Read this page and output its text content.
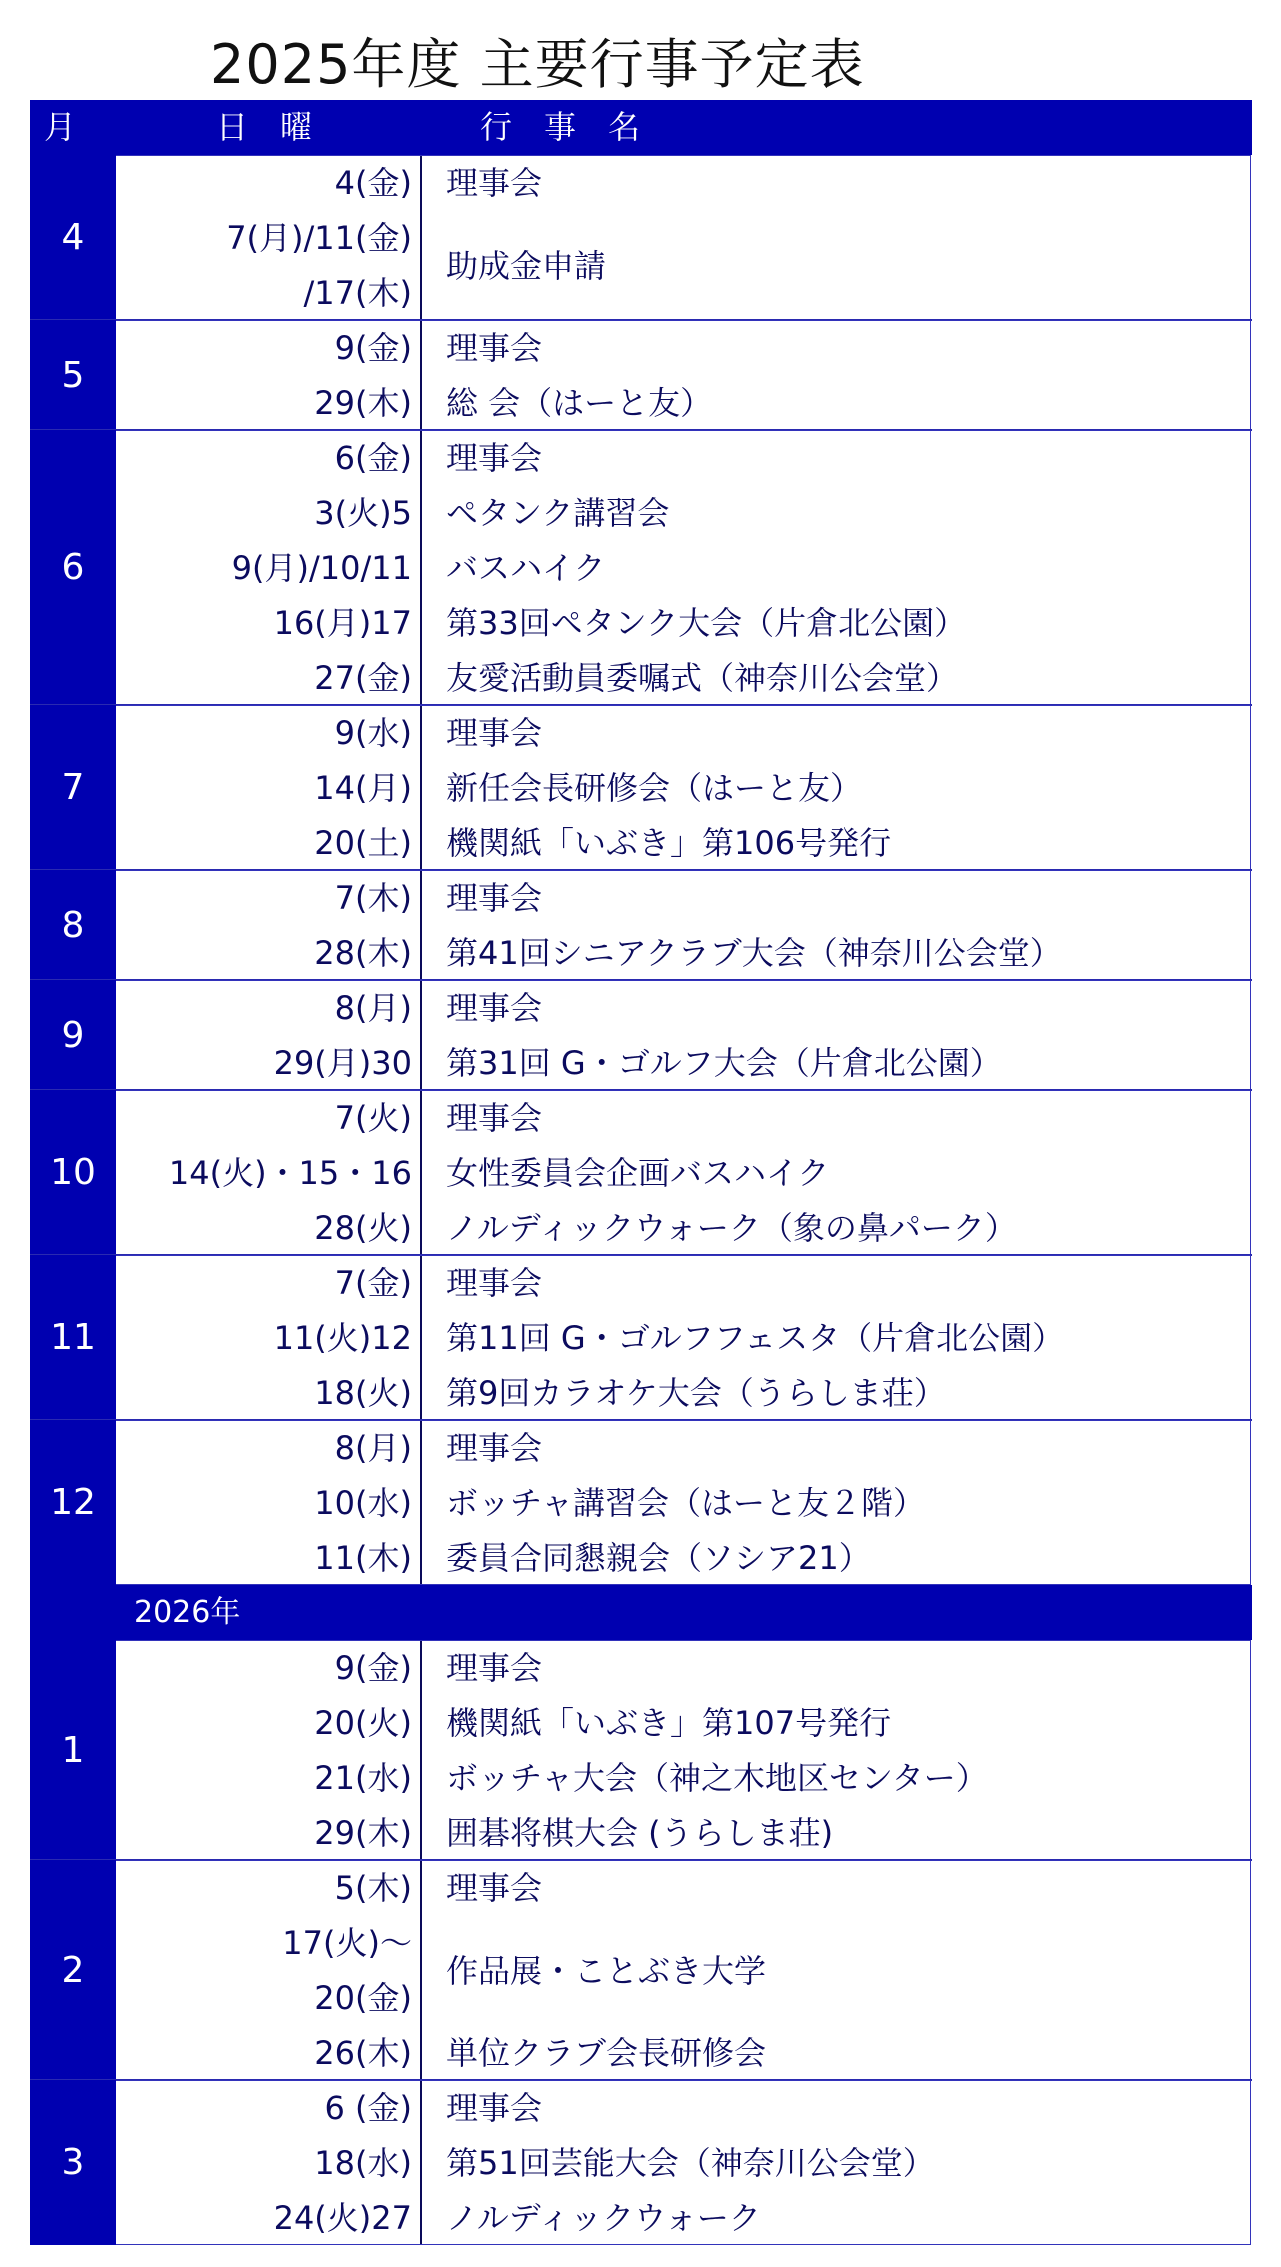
2025年度 主要行事予定表
月	日　曜	行　事　名
4
4(金) 理事会
7(月)/11(金)
/17(木)
助成金申請
5
9(金) 理事会
29(木) 総 会（はーと友）
6
6(金) 理事会
3(火)5 ペタンク講習会
9(月)/10/11 バスハイク
16(月)17 第33回ペタンク大会（片倉北公園）
27(金) 友愛活動員委嘱式（神奈川公会堂）
7
9(水) 理事会
14(月) 新任会長研修会（はーと友）
20(土) 機関紙「いぶき」第106号発行
8
7(木) 理事会
28(木) 第41回シニアクラブ大会（神奈川公会堂）
9
8(月) 理事会
29(月)30 第31回 G・ゴルフ大会（片倉北公園）
10
7(火) 理事会
14(火)・15・16 女性委員会企画バスハイク
28(火) ノルディックウォーク（象の鼻パーク）
11
7(金) 理事会
11(火)12 第11回 G・ゴルフフェスタ（片倉北公園）
18(火) 第9回カラオケ大会（うらしま荘）
12
8(月) 理事会
10(水) ボッチャ講習会（はーと友２階）
11(木) 委員合同懇親会（ソシア21）
2026年
1
9(金) 理事会
20(火) 機関紙「いぶき」第107号発行
21(水) ボッチャ大会（神之木地区センター）
29(木) 囲碁将棋大会 (うらしま荘)
2
5(木) 理事会
17(火)～
20(金)
26(木) 単位クラブ会長研修会
作品展・ことぶき大学
3
6 (金) 理事会
18(水) 第51回芸能大会（神奈川公会堂）
24(火)27 ノルディックウォーク
